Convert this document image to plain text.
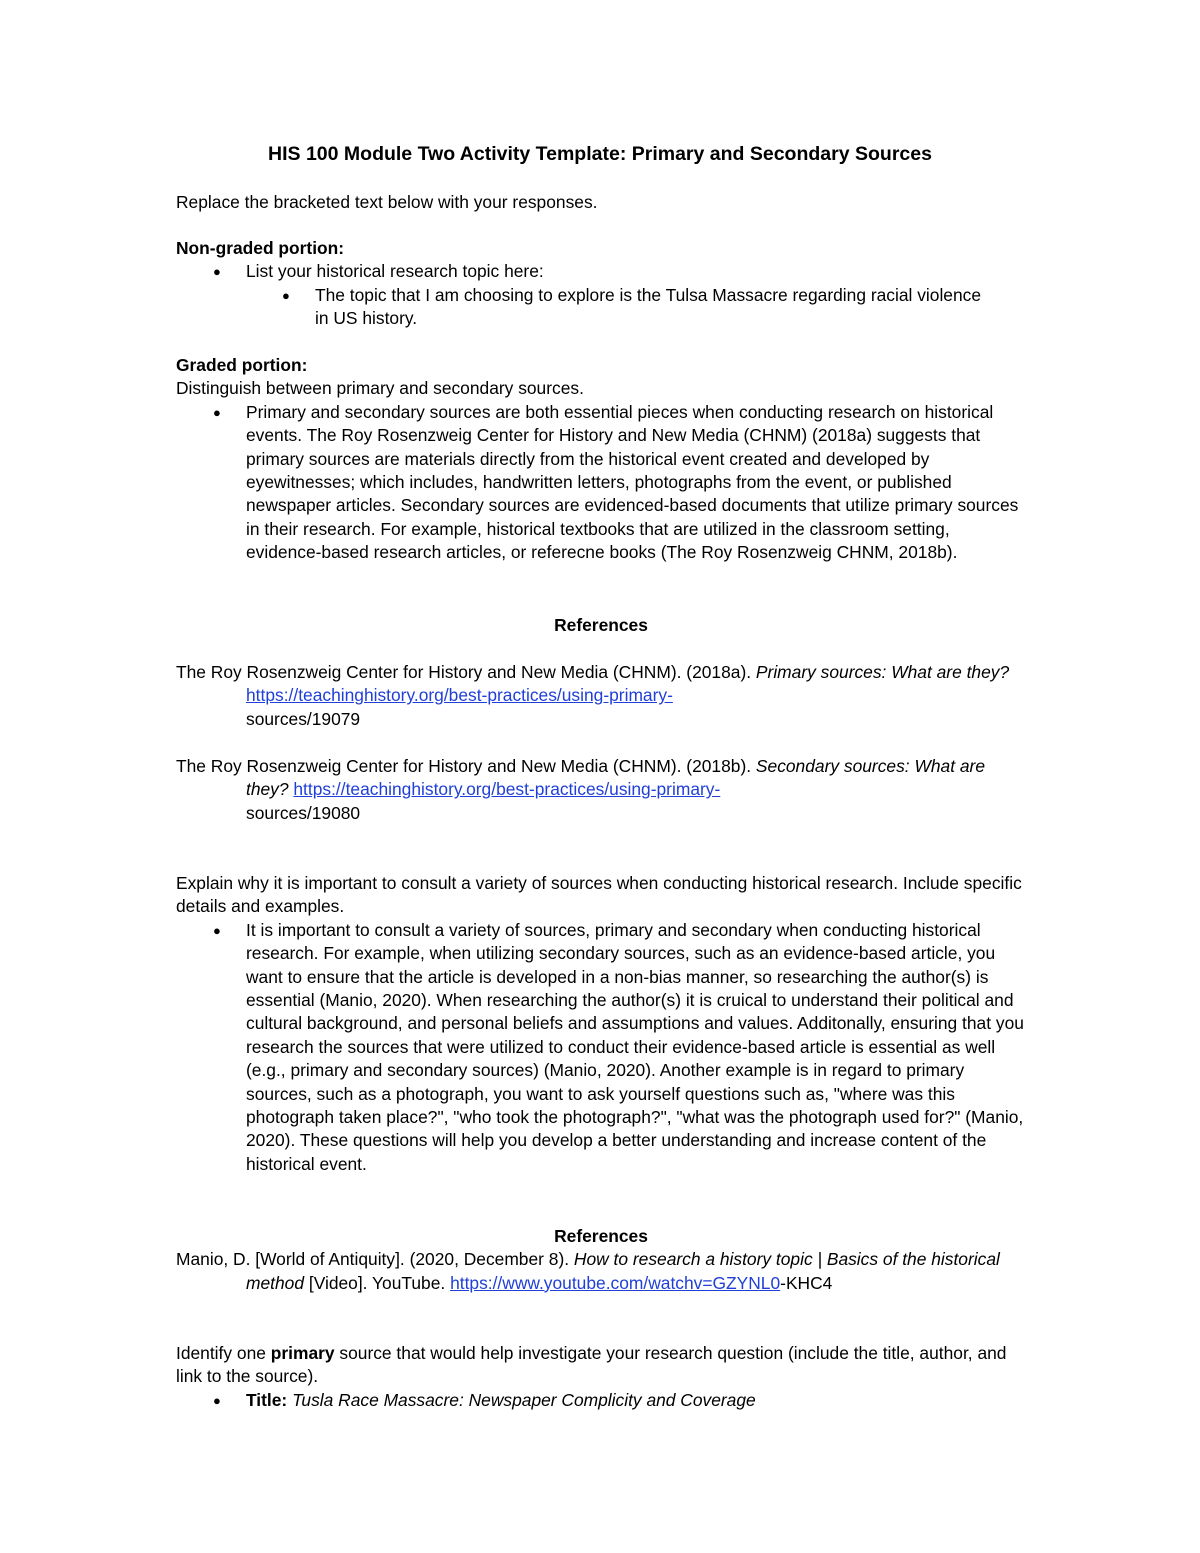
HIS 100 Module Two Activity Template: Primary and Secondary Sources

Replace the bracketed text below with your responses.

Non-graded portion:

● List your historical research topic here:
● The topic that I am choosing to explore is the Tulsa Massacre regarding racial violence in US history.

Graded portion:

Distinguish between primary and secondary sources.

● Primary and secondary sources are both essential pieces when conducting research on historical events. The Roy Rosenzweig Center for History and New Media (CHNM) (2018a) suggests that primary sources are materials directly from the historical event created and developed by eyewitnesses; which includes, handwritten letters, photographs from the event, or published newspaper articles. Secondary sources are evidenced-based documents that utilize primary sources in their research. For example, historical textbooks that are utilized in the classroom setting, evidence-based research articles, or referecne books (The Roy Rosenzweig CHNM, 2018b).

References

The Roy Rosenzweig Center for History and New Media (CHNM). (2018a). Primary sources: What are they? https://teachinghistory.org/best-practices/using-primary-
sources/19079

The Roy Rosenzweig Center for History and New Media (CHNM). (2018b). Secondary sources: What are they? https://teachinghistory.org/best-practices/using-primary-
sources/19080

Explain why it is important to consult a variety of sources when conducting historical research. Include specific details and examples.

● It is important to consult a variety of sources, primary and secondary when conducting historical research. For example, when utilizing secondary sources, such as an evidence-based article, you want to ensure that the article is developed in a non-bias manner, so researching the author(s) is essential (Manio, 2020). When researching the author(s) it is cruical to understand their political and cultural background, and personal beliefs and assumptions and values. Additonally, ensuring that you research the sources that were utilized to conduct their evidence-based article is essential as well (e.g., primary and secondary sources) (Manio, 2020). Another example is in regard to primary sources, such as a photograph, you want to ask yourself questions such as, "where was this photograph taken place?", "who took the photograph?", "what was the photograph used for?" (Manio, 2020). These questions will help you develop a better understanding and increase content of the historical event.

References

Manio, D. [World of Antiquity]. (2020, December 8). How to research a history topic | Basics of the historical method [Video]. YouTube. https://www.youtube.com/watchv=GZYNL0-KHC4

Identify one primary source that would help investigate your research question (include the title, author, and link to the source).

● Title: Tusla Race Massacre: Newspaper Complicity and Coverage
